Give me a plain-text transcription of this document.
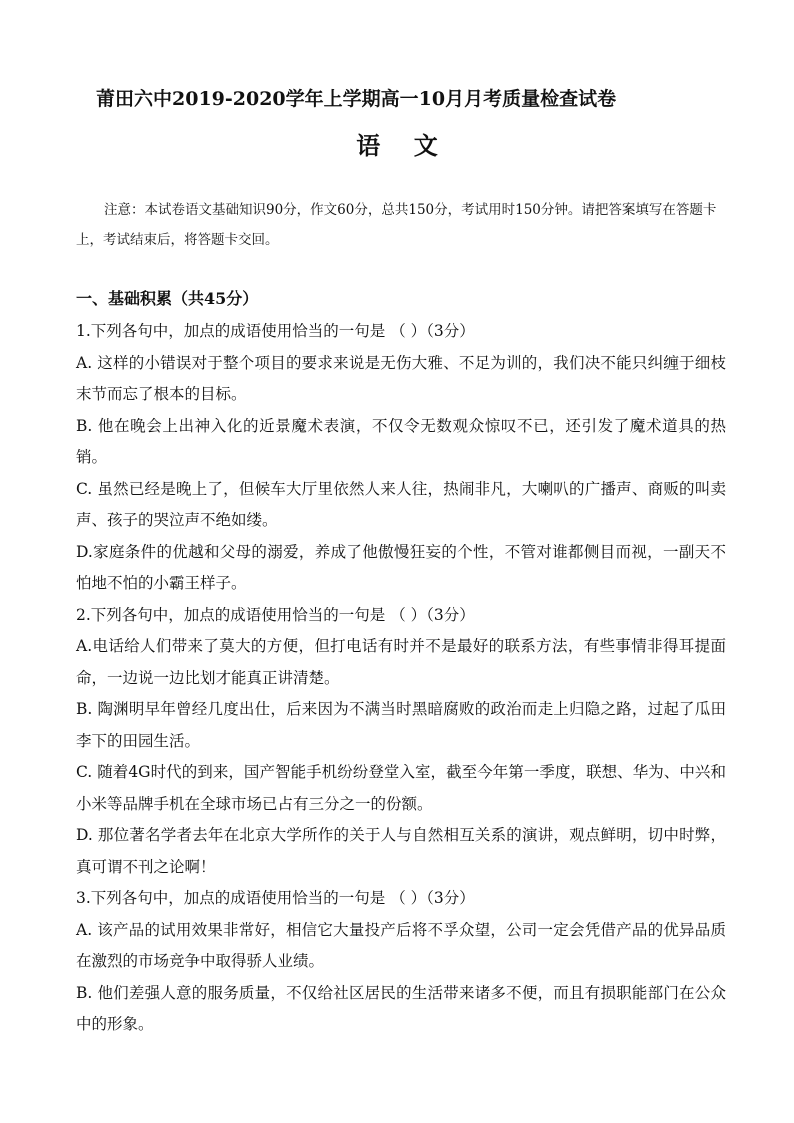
莆田六中2019-2020学年上学期高一10月月考质量检查试卷
语    文
注意：本试卷语文基础知识90分，作文60分，总共150分，考试用时150分钟。请把答案填写在答题卡上，考试结束后，将答题卡交回。
一、基础积累（共45分）

1.下列各句中，加点的成语使用恰当的一句是 （ ）（3分）

A. 这样的小错误对于整个项目的要求来说是无伤大雅、不足为训的，我们决不能只纠缠于细枝末节而忘了根本的目标。

B. 他在晚会上出神入化的近景魔术表演，不仅令无数观众惊叹不已，还引发了魔术道具的热销。

C. 虽然已经是晚上了，但候车大厅里依然人来人往，热闹非凡，大喇叭的广播声、商贩的叫卖声、孩子的哭泣声不绝如缕。

D.家庭条件的优越和父母的溺爱，养成了他傲慢狂妄的个性，不管对谁都侧目而视，一副天不怕地不怕的小霸王样子。

2.下列各句中，加点的成语使用恰当的一句是 （ ）（3分）

A.电话给人们带来了莫大的方便，但打电话有时并不是最好的联系方法，有些事情非得耳提面命，一边说一边比划才能真正讲清楚。

B. 陶渊明早年曾经几度出仕，后来因为不满当时黑暗腐败的政治而走上归隐之路，过起了瓜田李下的田园生活。

C. 随着4G时代的到来，国产智能手机纷纷登堂入室，截至今年第一季度，联想、华为、中兴和小米等品牌手机在全球市场已占有三分之一的份额。

D. 那位著名学者去年在北京大学所作的关于人与自然相互关系的演讲，观点鲜明，切中时弊，真可谓不刊之论啊！

3.下列各句中，加点的成语使用恰当的一句是 （ ）（3分）

A. 该产品的试用效果非常好，相信它大量投产后将不孚众望，公司一定会凭借产品的优异品质在激烈的市场竞争中取得骄人业绩。

B. 他们差强人意的服务质量，不仅给社区居民的生活带来诸多不便，而且有损职能部门在公众中的形象。
